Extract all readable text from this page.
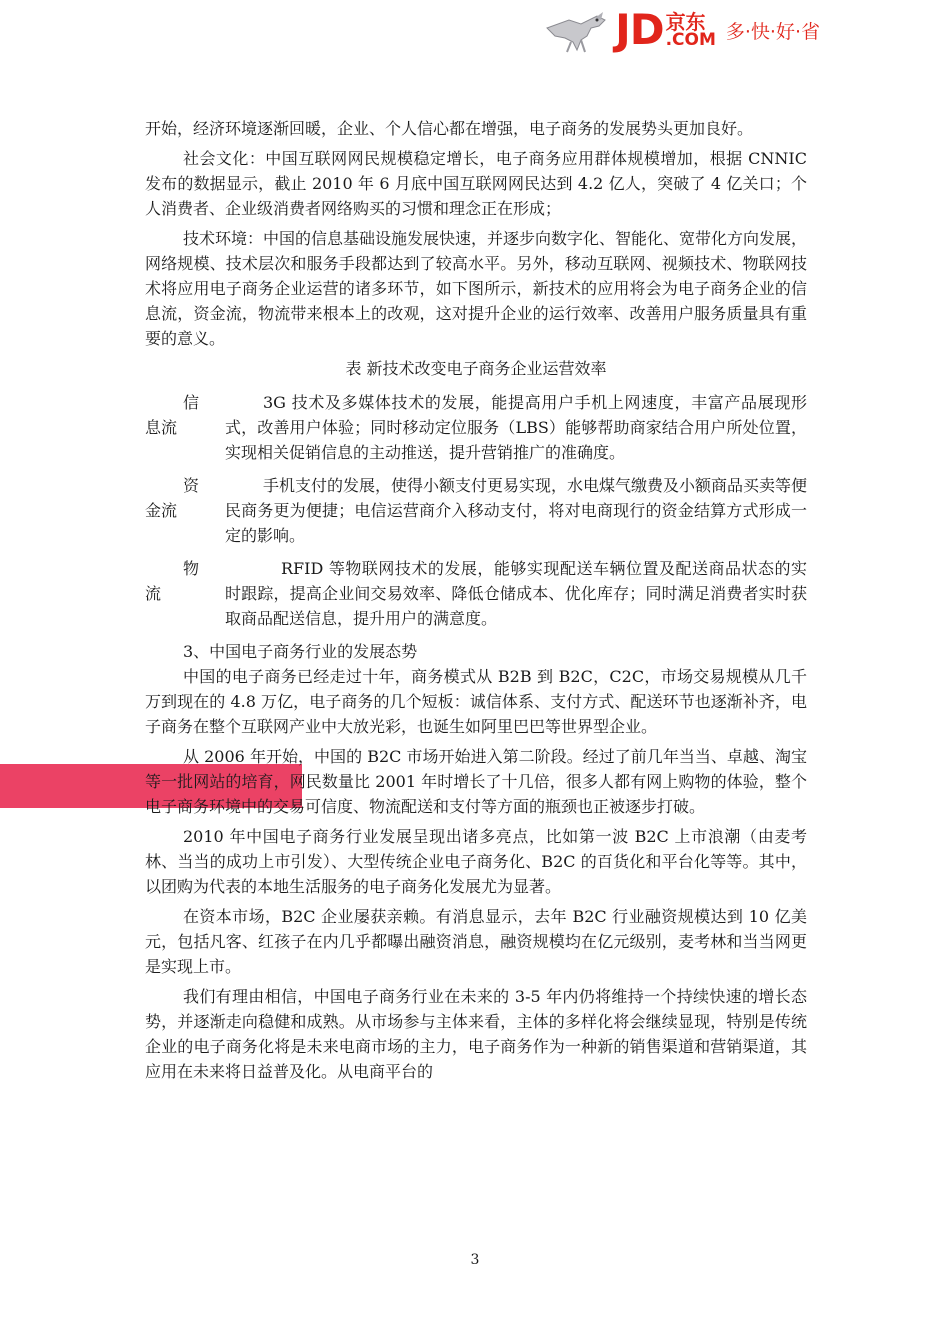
JD 京东
.COM 多·快·好·省

开始，经济环境逐渐回暖，企业、个人信心都在增强，电子商务的发展势头更加良好。

社会文化：中国互联网网民规模稳定增长，电子商务应用群体规模增加，根据 CNNIC 发布的数据显示，截止 2010 年 6 月底中国互联网网民达到 4.2 亿人，突破了 4 亿关口；个人消费者、企业级消费者网络购买的习惯和理念正在形成；

技术环境：中国的信息基础设施发展快速，并逐步向数字化、智能化、宽带化方向发展，网络规模、技术层次和服务手段都达到了较高水平。另外，移动互联网、视频技术、物联网技术将应用电子商务企业运营的诸多环节，如下图所示，新技术的应用将会为电子商务企业的信息流，资金流，物流带来根本上的改观，这对提升企业的运行效率、改善用户服务质量具有重要的意义。

表 新技术改变电子商务企业运营效率

信
息流

3G 技术及多媒体技术的发展，能提高用户手机上网速度，丰富产品展现形式，改善用户体验；同时移动定位服务（LBS）能够帮助商家结合用户所处位置，实现相关促销信息的主动推送，提升营销推广的准确度。

资
金流

手机支付的发展，使得小额支付更易实现，水电煤气缴费及小额商品买卖等便民商务更为便捷；电信运营商介入移动支付，将对电商现行的资金结算方式形成一定的影响。

物
流

RFID 等物联网技术的发展，能够实现配送车辆位置及配送商品状态的实时跟踪，提高企业间交易效率、降低仓储成本、优化库存；同时满足消费者实时获取商品配送信息，提升用户的满意度。

3、中国电子商务行业的发展态势

中国的电子商务已经走过十年，商务模式从 B2B 到 B2C，C2C，市场交易规模从几千万到现在的 4.8 万亿，电子商务的几个短板：诚信体系、支付方式、配送环节也逐渐补齐，电子商务在整个互联网产业中大放光彩，也诞生如阿里巴巴等世界型企业。

从 2006 年开始，中国的 B2C 市场开始进入第二阶段。经过了前几年当当、卓越、淘宝等一批网站的培育，网民数量比 2001 年时增长了十几倍，很多人都有网上购物的体验，整个电子商务环境中的交易可信度、物流配送和支付等方面的瓶颈也正被逐步打破。

2010 年中国电子商务行业发展呈现出诸多亮点，比如第一波 B2C 上市浪潮（由麦考林、当当的成功上市引发）、大型传统企业电子商务化、B2C 的百货化和平台化等等。其中，以团购为代表的本地生活服务的电子商务化发展尤为显著。

在资本市场，B2C 企业屡获亲赖。有消息显示，去年 B2C 行业融资规模达到 10 亿美元，包括凡客、红孩子在内几乎都曝出融资消息，融资规模均在亿元级别，麦考林和当当网更是实现上市。

我们有理由相信，中国电子商务行业在未来的 3-5 年内仍将维持一个持续快速的增长态势，并逐渐走向稳健和成熟。从市场参与主体来看，主体的多样化将会继续显现，特别是传统企业的电子商务化将是未来电商市场的主力，电子商务作为一种新的销售渠道和营销渠道，其应用在未来将日益普及化。从电商平台的

3
